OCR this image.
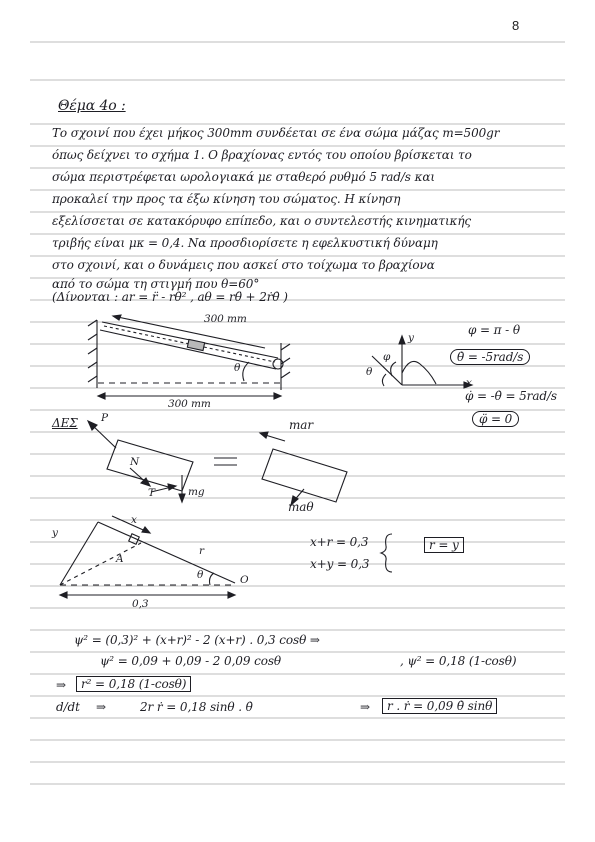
8
Θέμα 4ο :
Το σχοινί που έχει μήκος 300mm συνδέεται σε ένα σώμα μάζας m=500gr
όπως δείχνει το σχήμα 1. Ο βραχίονας εντός του οποίου βρίσκεται το
σώμα περιστρέφεται ωρολογιακά με σταθερό ρυθμό 5 rad/s και
προκαλεί την προς τα έξω κίνηση του σώματος. Η κίνηση
εξελίσσεται σε κατακόρυφο επίπεδο, και ο συντελεστής κινηματικής
τριβής είναι μκ = 0,4. Να προσδιορίσετε η εφελκυστική δύναμη
στο σχοινί, και ο δυνάμεις που ασκεί στο τοίχωμα το βραχίονα
από το σώμα τη στιγμή που θ=60°
(Δίνονται : ar = r̈ - rθ̇² , aθ = rθ̈ + 2ṙθ̇ )
300 mm
300 mm
θ
y
x
φ
θ
φ = π - θ
θ̇ = -5rad/s
φ̇ = -θ̇ = 5rad/s
φ̈ = 0
ΔΕΣ P
N
T	mg
mar
maθ
y
x
r
A
θ	O
0,3
x+r = 0,3
x+y = 0,3
r = y
ψ² = (0,3)² + (x+r)² - 2 (x+r) . 0,3 cosθ ⇒
ψ² = 0,09 + 0,09 - 2 0,09 cosθ	, ψ² = 0,18 (1-cosθ)
⇒	r² = 0,18 (1-cosθ)
d/dt ⇒	2r ṙ = 0,18 sinθ . θ̇	⇒	r . ṙ = 0,09 θ̇ sinθ
